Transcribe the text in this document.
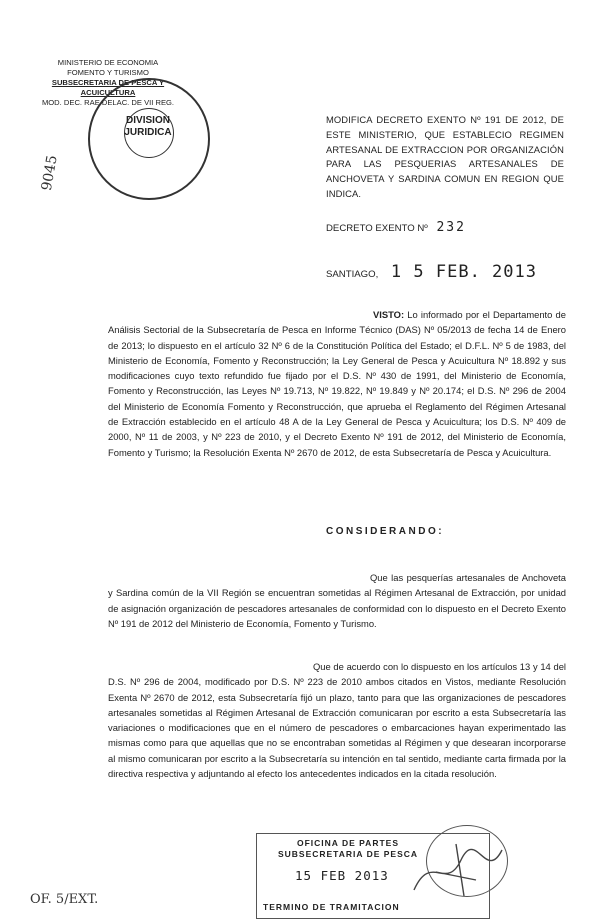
MINISTERIO DE ECONOMIA
FOMENTO Y TURISMO
SUBSECRETARIA DE PESCA Y ACUICULTURA
MOD. DEC. RAE DELAC. DE VII REG.
DIVISION
JURIDICA
9045
MODIFICA DECRETO EXENTO Nº 191 DE 2012, DE ESTE MINISTERIO, QUE ESTABLECIO REGIMEN ARTESANAL DE EXTRACCION POR ORGANIZACIÓN PARA LAS PESQUERIAS ARTESANALES DE ANCHOVETA Y SARDINA COMUN EN REGION QUE INDICA.
DECRETO EXENTO Nº 232
SANTIAGO, 1 5 FEB. 2013
VISTO: Lo informado por el Departamento de Análisis Sectorial de la Subsecretaría de Pesca en Informe Técnico (DAS) Nº 05/2013 de fecha 14 de Enero de 2013; lo dispuesto en el artículo 32 Nº 6 de la Constitución Política del Estado; el D.F.L. Nº 5 de 1983, del Ministerio de Economía, Fomento y Reconstrucción; la Ley General de Pesca y Acuicultura Nº 18.892 y sus modificaciones cuyo texto refundido fue fijado por el D.S. Nº 430 de 1991, del Ministerio de Economía, Fomento y Reconstrucción, las Leyes Nº 19.713, Nº 19.822, Nº 19.849 y Nº 20.174; el D.S. Nº 296 de 2004 del Ministerio de Economía Fomento y Reconstrucción, que aprueba el Reglamento del Régimen Artesanal de Extracción establecido en el artículo 48 A de la Ley General de Pesca y Acuicultura; los D.S. Nº 409 de 2000, Nº 11 de 2003, y Nº 223 de 2010, y el Decreto Exento Nº 191 de 2012, del Ministerio de Economía, Fomento y Turismo; la Resolución Exenta Nº 2670 de 2012, de esta Subsecretaría de Pesca y Acuicultura.
CONSIDERANDO:
Que las pesquerías artesanales de Anchoveta y Sardina común de la VII Región se encuentran sometidas al Régimen Artesanal de Extracción, por unidad de asignación organización de pescadores artesanales de conformidad con lo dispuesto en el Decreto Exento Nº 191 de 2012 del Ministerio de Economía, Fomento y Turismo.
Que de acuerdo con lo dispuesto en los artículos 13 y 14 del D.S. Nº 296 de 2004, modificado por D.S. Nº 223 de 2010 ambos citados en Vistos, mediante Resolución Exenta Nº 2670 de 2012, esta Subsecretaría fijó un plazo, tanto para que las organizaciones de pescadores artesanales sometidas al Régimen Artesanal de Extracción comunicaran por escrito a esta Subsecretaría las variaciones o modificaciones que en el número de pescadores o embarcaciones hayan experimentado las mismas como para que aquellas que no se encontraban sometidas al Régimen y que desearan incorporarse al mismo comunicaran por escrito a la Subsecretaría su intención en tal sentido, mediante carta firmada por la directiva respectiva y adjuntando al efecto los antecedentes indicados en la citada resolución.
OFICINA DE PARTES
SUBSECRETARIA DE PESCA
15 FEB 2013
TERMINO DE TRAMITACION
OF. 5/EXT.
